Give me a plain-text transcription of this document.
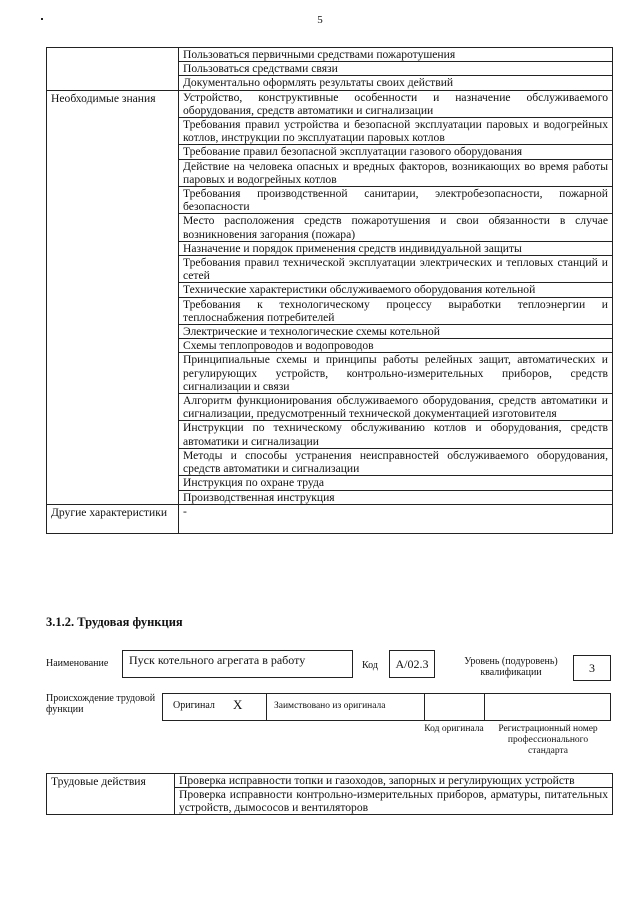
5
	Пользоваться первичными средствами пожаротушения
	Пользоваться средствами связи
	Документально оформлять результаты своих действий
Необходимые знания	Устройство, конструктивные особенности и назначение обслуживаемого оборудования, средств автоматики и сигнализации
	Требования правил устройства и безопасной эксплуатации паровых и водогрейных котлов, инструкции по эксплуатации паровых котлов
	Требование правил безопасной эксплуатации газового оборудования
	Действие на человека опасных и вредных факторов, возникающих во время работы паровых и водогрейных котлов
	Требования производственной санитарии, электробезопасности, пожарной безопасности
	Место расположения средств пожаротушения и свои обязанности в случае возникновения загорания (пожара)
	Назначение и порядок применения средств индивидуальной защиты
	Требования правил технической эксплуатации электрических и тепловых станций и сетей
	Технические характеристики обслуживаемого оборудования котельной
	Требования к технологическому процессу выработки теплоэнергии и теплоснабжения потребителей
	Электрические и технологические схемы котельной
	Схемы теплопроводов и водопроводов
	Принципиальные схемы и принципы работы релейных защит, автоматических и регулирующих устройств, контрольно-измерительных приборов, средств сигнализации и связи
	Алгоритм функционирования обслуживаемого оборудования, средств автоматики и сигнализации, предусмотренный технической документацией изготовителя
	Инструкции по техническому обслуживанию котлов и оборудования, средств автоматики и сигнализации
	Методы и способы устранения неисправностей обслуживаемого оборудования, средств автоматики и сигнализации
	Инструкция по охране труда
	Производственная инструкция
Другие характеристики	-
3.1.2. Трудовая функция
Наименование	Пуск котельного агрегата в работу	Код	A/02.3	Уровень (подуровень) квалификации	3
Происхождение трудовой функции	Оригинал X	Заимствовано из оригинала
Код оригинала	Регистрационный номер профессионального стандарта
Трудовые действия	Проверка исправности топки и газоходов, запорных и регулирующих устройств
Проверка исправности контрольно-измерительных приборов, арматуры, питательных устройств, дымососов и вентиляторов
